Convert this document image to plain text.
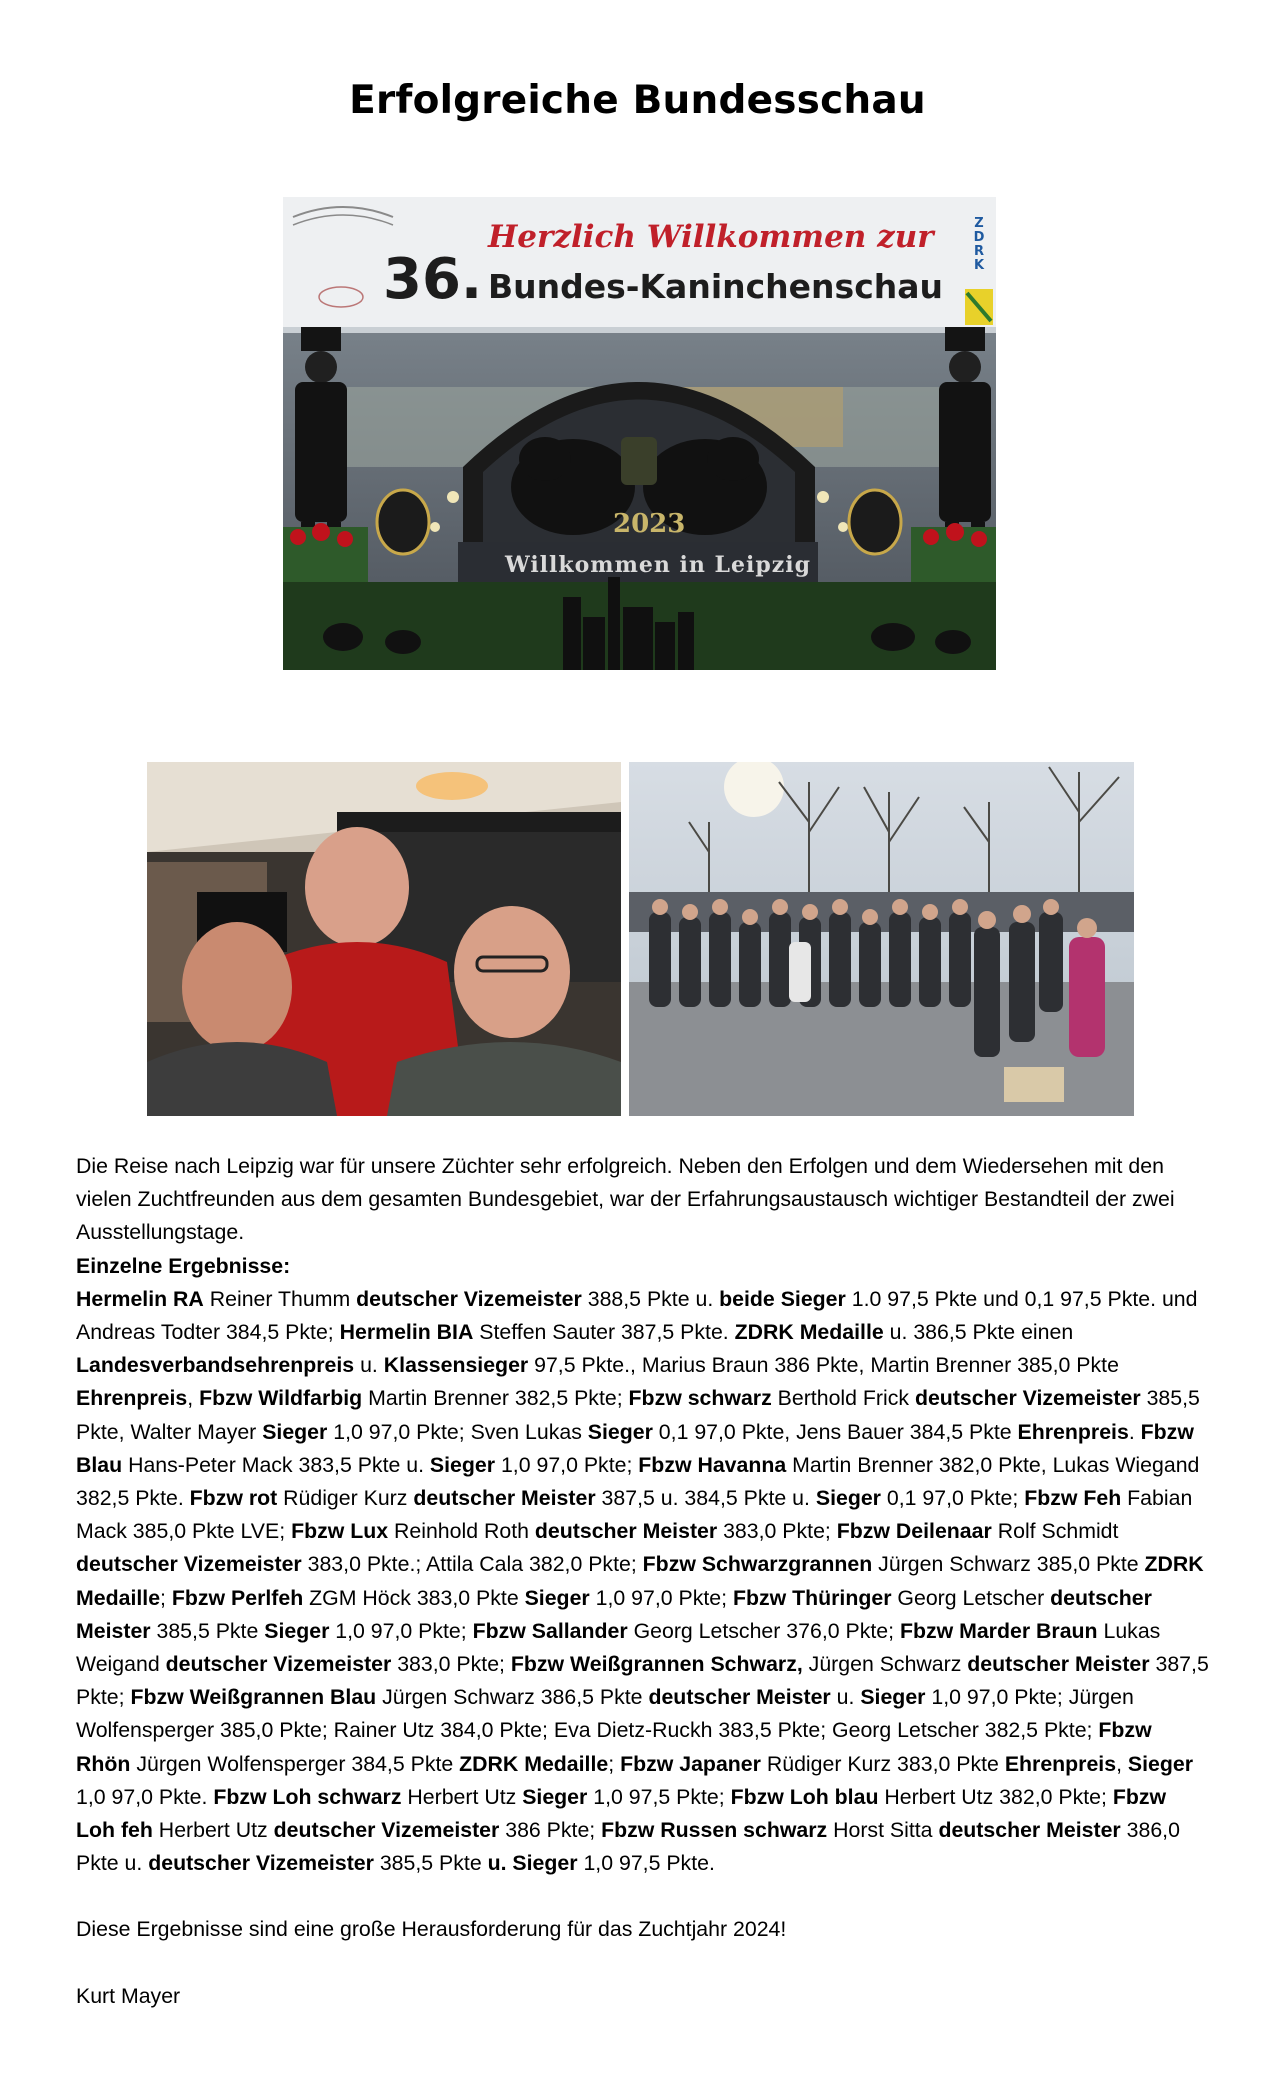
Erfolgreiche Bundesschau
Herzlich Willkommen zur
36. Bundes-Kaninchenschau
2023
Willkommen in Leipzig
Z
D
R
K

Die Reise nach Leipzig war für unsere Züchter sehr erfolgreich. Neben den Erfolgen und dem Wiedersehen mit den vielen Zuchtfreunden aus dem gesamten Bundesgebiet, war der Erfahrungsaustausch wichtiger Bestandteil der zwei Ausstellungstage.

Einzelne Ergebnisse:

Hermelin RA Reiner Thumm deutscher Vizemeister 388,5 Pkte u. beide Sieger 1.0 97,5 Pkte und 0,1 97,5 Pkte. und Andreas Todter 384,5 Pkte; Hermelin BIA Steffen Sauter 387,5 Pkte. ZDRK Medaille u. 386,5 Pkte einen Landesverbandsehrenpreis u. Klassensieger 97,5 Pkte., Marius Braun 386 Pkte, Martin Brenner 385,0 Pkte Ehrenpreis, Fbzw Wildfarbig Martin Brenner 382,5 Pkte; Fbzw schwarz Berthold Frick deutscher Vizemeister 385,5 Pkte, Walter Mayer Sieger 1,0 97,0 Pkte; Sven Lukas Sieger 0,1 97,0 Pkte, Jens Bauer 384,5 Pkte Ehrenpreis. Fbzw Blau Hans-Peter Mack 383,5 Pkte u. Sieger 1,0 97,0 Pkte; Fbzw Havanna Martin Brenner 382,0 Pkte, Lukas Wiegand 382,5 Pkte. Fbzw rot Rüdiger Kurz deutscher Meister 387,5 u. 384,5 Pkte u. Sieger 0,1 97,0 Pkte; Fbzw Feh Fabian Mack 385,0 Pkte LVE; Fbzw Lux Reinhold Roth deutscher Meister 383,0 Pkte; Fbzw Deilenaar Rolf Schmidt deutscher Vizemeister 383,0 Pkte.; Attila Cala 382,0 Pkte; Fbzw Schwarzgrannen Jürgen Schwarz 385,0 Pkte ZDRK Medaille; Fbzw Perlfeh ZGM Höck 383,0 Pkte Sieger 1,0 97,0 Pkte; Fbzw Thüringer Georg Letscher deutscher Meister 385,5 Pkte Sieger 1,0 97,0 Pkte; Fbzw Sallander Georg Letscher 376,0 Pkte; Fbzw Marder Braun Lukas Weigand deutscher Vizemeister 383,0 Pkte; Fbzw Weißgrannen Schwarz, Jürgen Schwarz deutscher Meister 387,5 Pkte; Fbzw Weißgrannen Blau Jürgen Schwarz 386,5 Pkte deutscher Meister u. Sieger 1,0 97,0 Pkte; Jürgen Wolfensperger 385,0 Pkte; Rainer Utz 384,0 Pkte; Eva Dietz-Ruckh 383,5 Pkte; Georg Letscher 382,5 Pkte; Fbzw Rhön Jürgen Wolfensperger 384,5 Pkte ZDRK Medaille; Fbzw Japaner Rüdiger Kurz 383,0 Pkte Ehrenpreis, Sieger 1,0 97,0 Pkte. Fbzw Loh schwarz Herbert Utz Sieger 1,0 97,5 Pkte; Fbzw Loh blau Herbert Utz 382,0 Pkte; Fbzw Loh feh Herbert Utz deutscher Vizemeister 386 Pkte; Fbzw Russen schwarz Horst Sitta deutscher Meister 386,0 Pkte u. deutscher Vizemeister 385,5 Pkte u. Sieger 1,0 97,5 Pkte.

Diese Ergebnisse sind eine große Herausforderung für das Zuchtjahr 2024!

Kurt Mayer
